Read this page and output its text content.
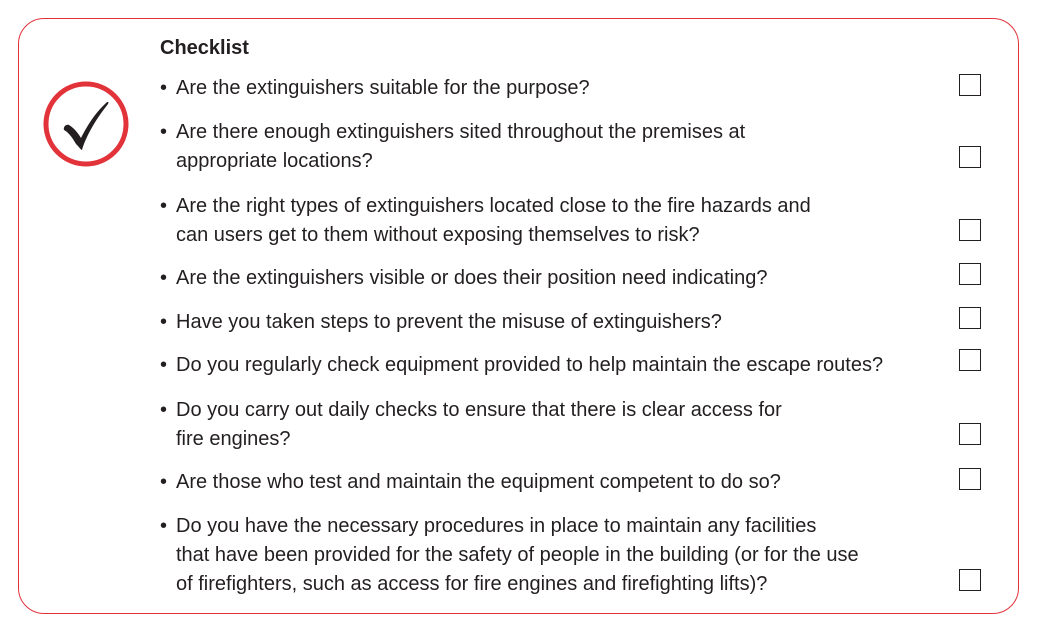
Checklist
• Are the extinguishers suitable for the purpose?
• Are there enough extinguishers sited throughout the premises at
appropriate locations?
• Are the right types of extinguishers located close to the fire hazards and
can users get to them without exposing themselves to risk?
• Are the extinguishers visible or does their position need indicating?
• Have you taken steps to prevent the misuse of extinguishers?
• Do you regularly check equipment provided to help maintain the escape routes?
• Do you carry out daily checks to ensure that there is clear access for
fire engines?
• Are those who test and maintain the equipment competent to do so?
• Do you have the necessary procedures in place to maintain any facilities
that have been provided for the safety of people in the building (or for the use
of firefighters, such as access for fire engines and firefighting lifts)?
